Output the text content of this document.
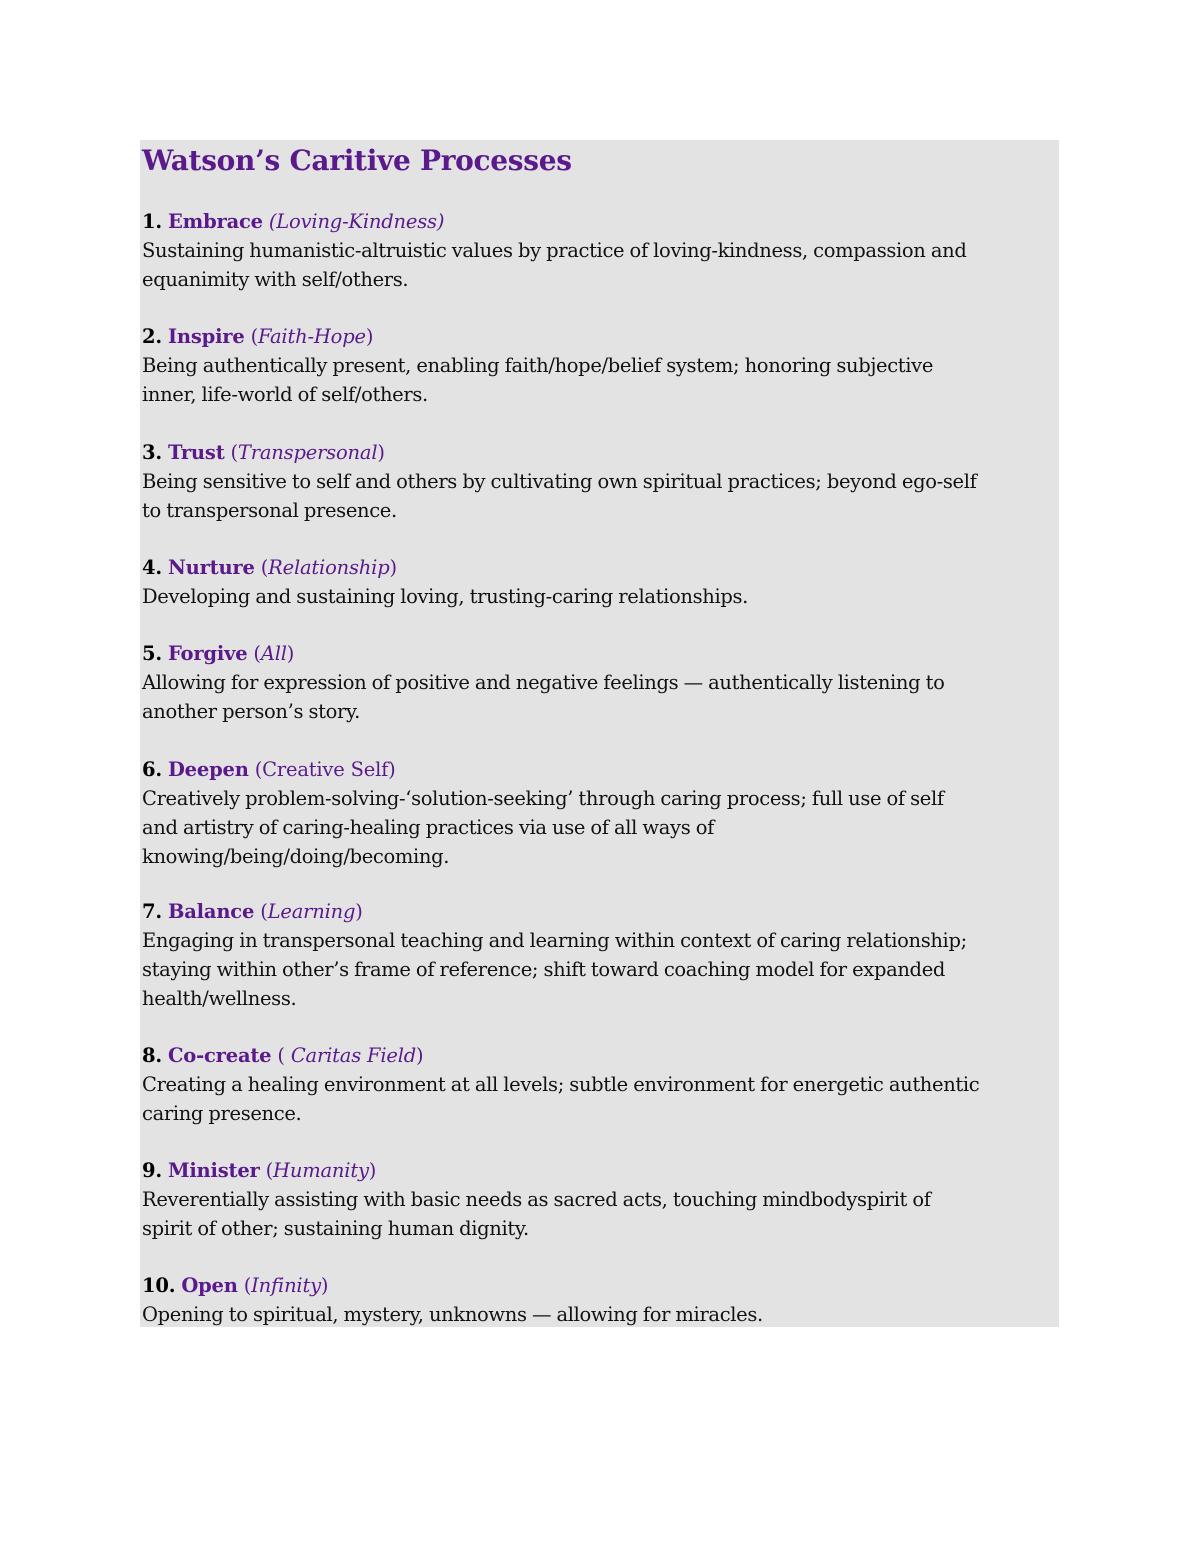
Watson’s Caritive Processes
1. Embrace (Loving-Kindness)
Sustaining humanistic-altruistic values by practice of loving-kindness, compassion and
equanimity with self/others.
2. Inspire (Faith-Hope)
Being authentically present, enabling faith/hope/belief system; honoring subjective
inner, life-world of self/others.
3. Trust (Transpersonal)
Being sensitive to self and others by cultivating own spiritual practices; beyond ego-self
to transpersonal presence.
4. Nurture (Relationship)
Developing and sustaining loving, trusting-caring relationships.
5. Forgive (All)
Allowing for expression of positive and negative feelings — authentically listening to
another person’s story.
6. Deepen (Creative Self)
Creatively problem-solving-‘solution-seeking’ through caring process; full use of self
and artistry of caring-healing practices via use of all ways of
knowing/being/doing/becoming.
7. Balance (Learning)
Engaging in transpersonal teaching and learning within context of caring relationship;
staying within other’s frame of reference; shift toward coaching model for expanded
health/wellness.
8. Co-create ( Caritas Field)
Creating a healing environment at all levels; subtle environment for energetic authentic
caring presence.
9. Minister (Humanity)
Reverentially assisting with basic needs as sacred acts, touching mindbodyspirit of
spirit of other; sustaining human dignity.
10. Open (Infinity)
Opening to spiritual, mystery, unknowns — allowing for miracles.
